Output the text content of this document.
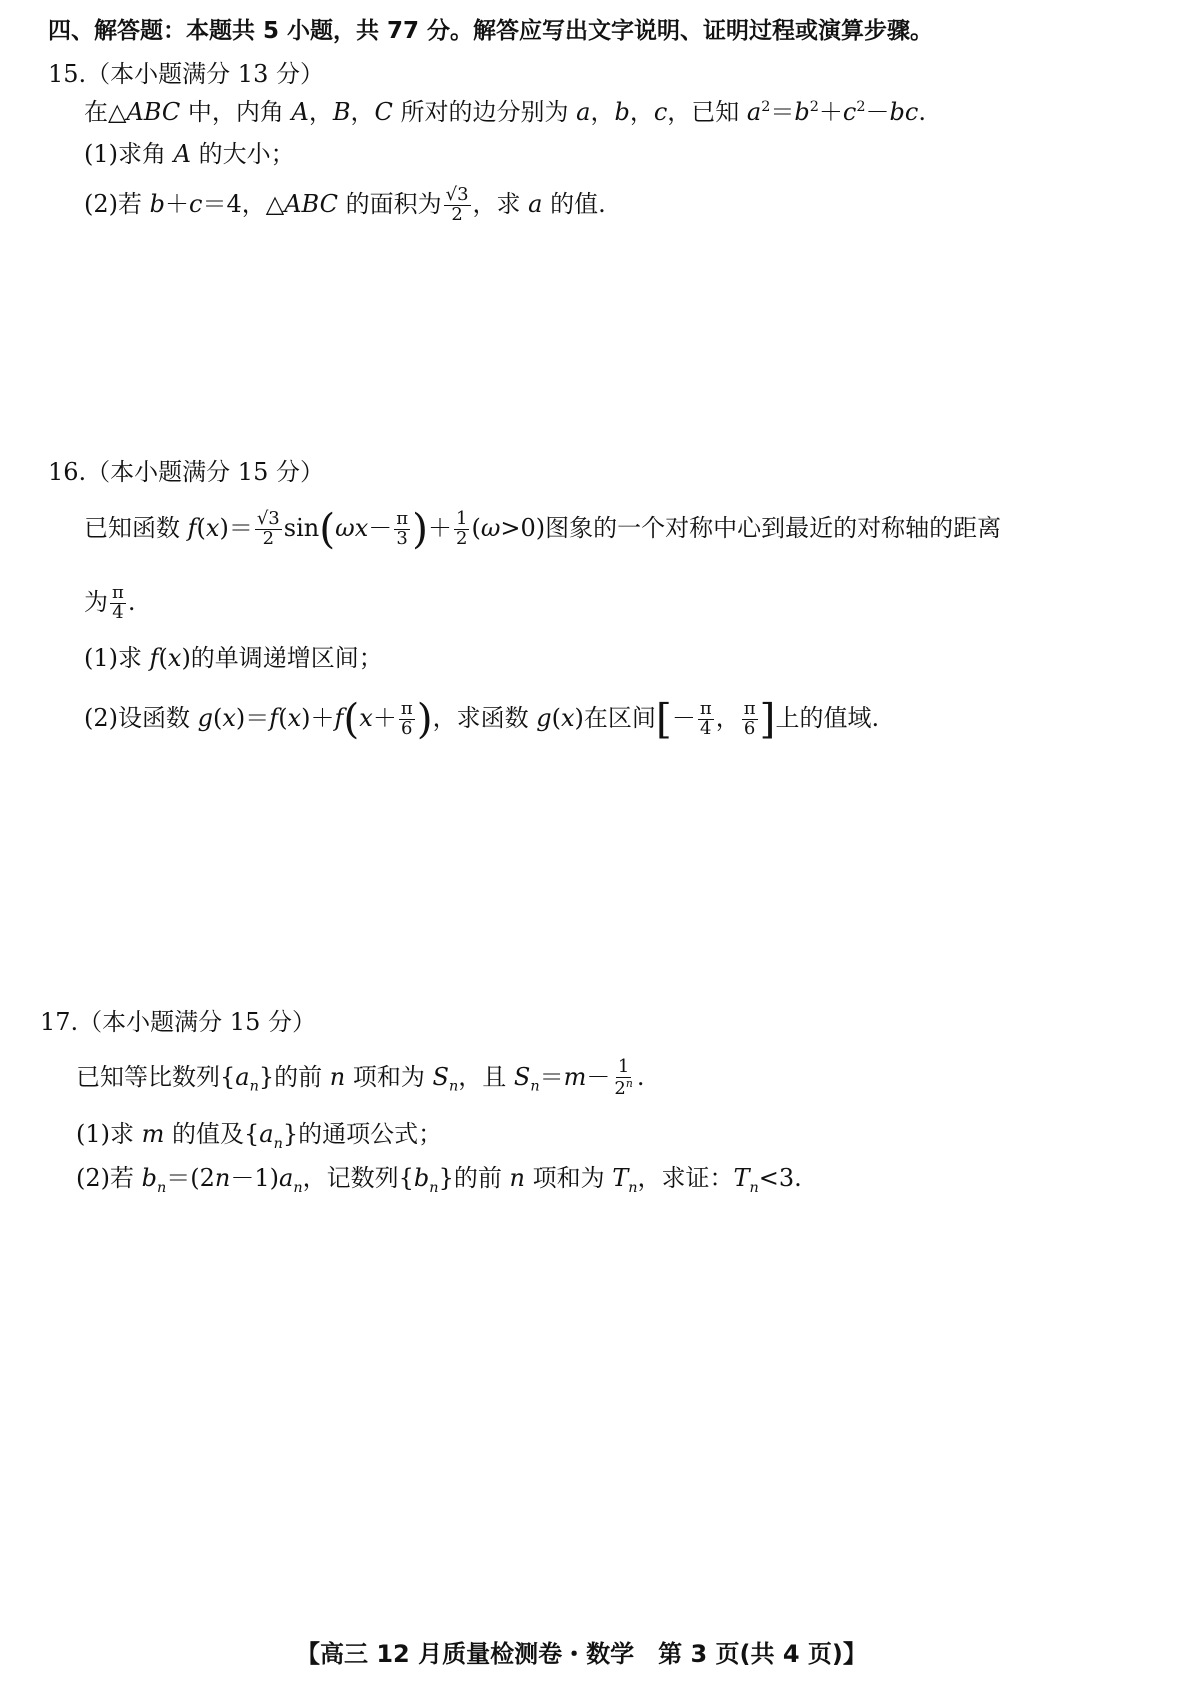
四、解答题：本题共 5 小题，共 77 分。解答应写出文字说明、证明过程或演算步骤。
15.（本小题满分 13 分）
在△ABC 中，内角 A，B，C 所对的边分别为 a，b，c，已知 $a^2=b^2+c^2-bc$.
(1)求角 A 的大小；
(2)若 b＋c＝4，△ABC 的面积为 $\frac{√3}{2}$ ，求 a 的值.
16.（本小题满分 15 分）
已知函数 $f(x)= \frac{√3}{2} \sin(\omega x- \frac{\pi}{3}$ )＋ $\frac{1}{2} (\omega>0)$图象的一个对称中心到最近的对称轴的距离
为 $\frac{\pi}{4}$ .
(1)求 f(x)的单调递增区间；
(2)设函数 $g(x)=f(x)+f(x+ \frac{\pi}{6}$ )，求函数 g(x)在区间[－ $\frac{\pi}{4}$ ， $\frac{\pi}{6}$ ]上的值域.
17.（本小题满分 15 分）
已知等比数列$\{a_n\}$的前 n 项和为 $S_n$，且 $S_n=m- \frac{1}{2^n}$ .
(1)求 m 的值及$\{a_n\}$的通项公式；
(2)若 $b_n=(2n-1)a_n$，记数列$\{b_n\}$的前 n 项和为 $T_n$，求证：$T_n<3$.
【高三 12 月质量检测卷・数学　第 3 页(共 4 页)】
